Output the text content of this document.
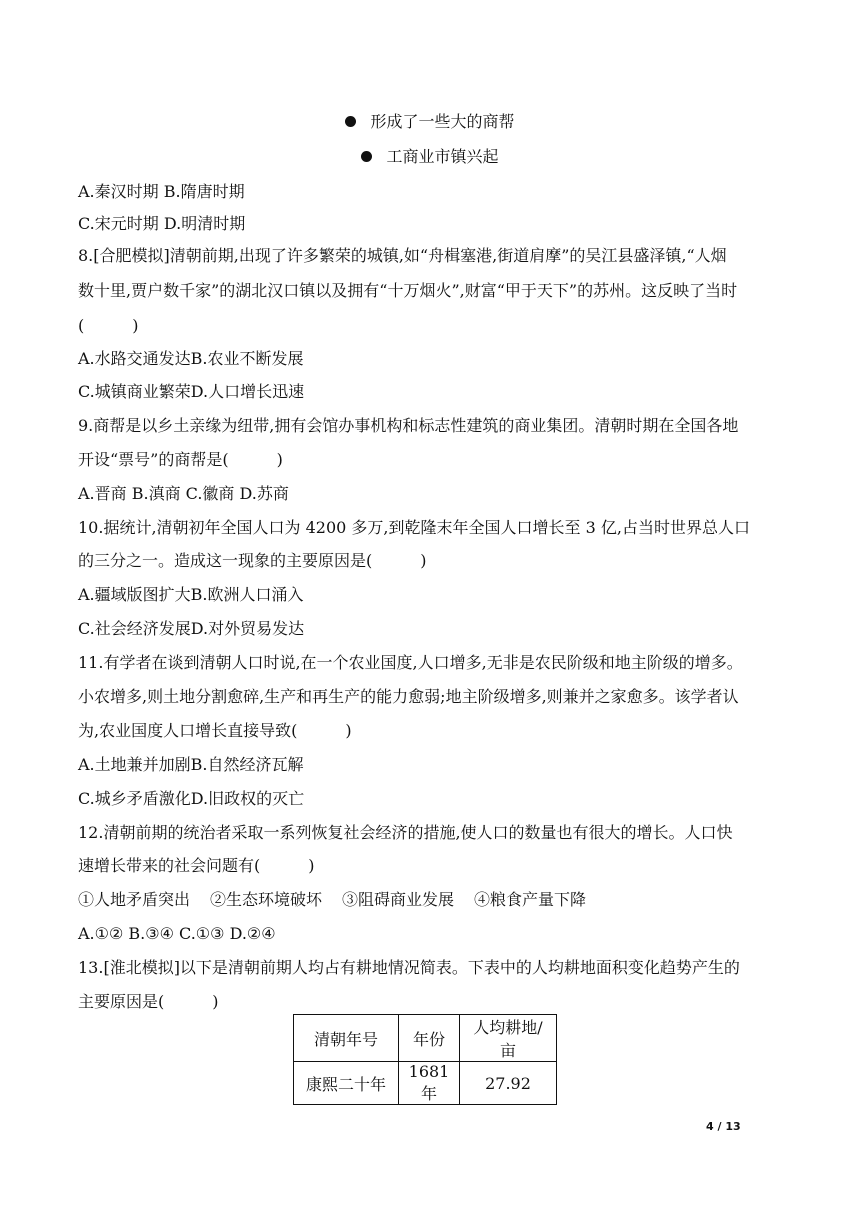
形成了一些大的商帮
工商业市镇兴起
A.秦汉时期 B.隋唐时期
C.宋元时期 D.明清时期
8.[合肥模拟]清朝前期,出现了许多繁荣的城镇,如“舟楫塞港,街道肩摩”的吴江县盛泽镇,“人烟
数十里,贾户数千家”的湖北汉口镇以及拥有“十万烟火”,财富“甲于天下”的苏州。这反映了当时
(　　　)
A.水路交通发达B.农业不断发展
C.城镇商业繁荣D.人口增长迅速
9.商帮是以乡土亲缘为纽带,拥有会馆办事机构和标志性建筑的商业集团。清朝时期在全国各地
开设“票号”的商帮是(　　　)
A.晋商 B.滇商 C.徽商 D.苏商
10.据统计,清朝初年全国人口为 4200 多万,到乾隆末年全国人口增长至 3 亿,占当时世界总人口
的三分之一。造成这一现象的主要原因是(　　　)
A.疆域版图扩大B.欧洲人口涌入
C.社会经济发展D.对外贸易发达
11.有学者在谈到清朝人口时说,在一个农业国度,人口增多,无非是农民阶级和地主阶级的增多。
小农增多,则土地分割愈碎,生产和再生产的能力愈弱;地主阶级增多,则兼并之家愈多。该学者认
为,农业国度人口增长直接导致(　　　)
A.土地兼并加剧B.自然经济瓦解
C.城乡矛盾激化D.旧政权的灭亡
12.清朝前期的统治者采取一系列恢复社会经济的措施,使人口的数量也有很大的增长。人口快
速增长带来的社会问题有(　　　)
①人地矛盾突出 ②生态环境破坏 ③阻碍商业发展 ④粮食产量下降
A.①② B.③④ C.①③ D.②④
13.[淮北模拟]以下是清朝前期人均占有耕地情况简表。下表中的人均耕地面积变化趋势产生的
主要原因是(　　　)
清朝年号	年份	人均耕地/亩
康熙二十年	1681 年	27.92
4 / 13
